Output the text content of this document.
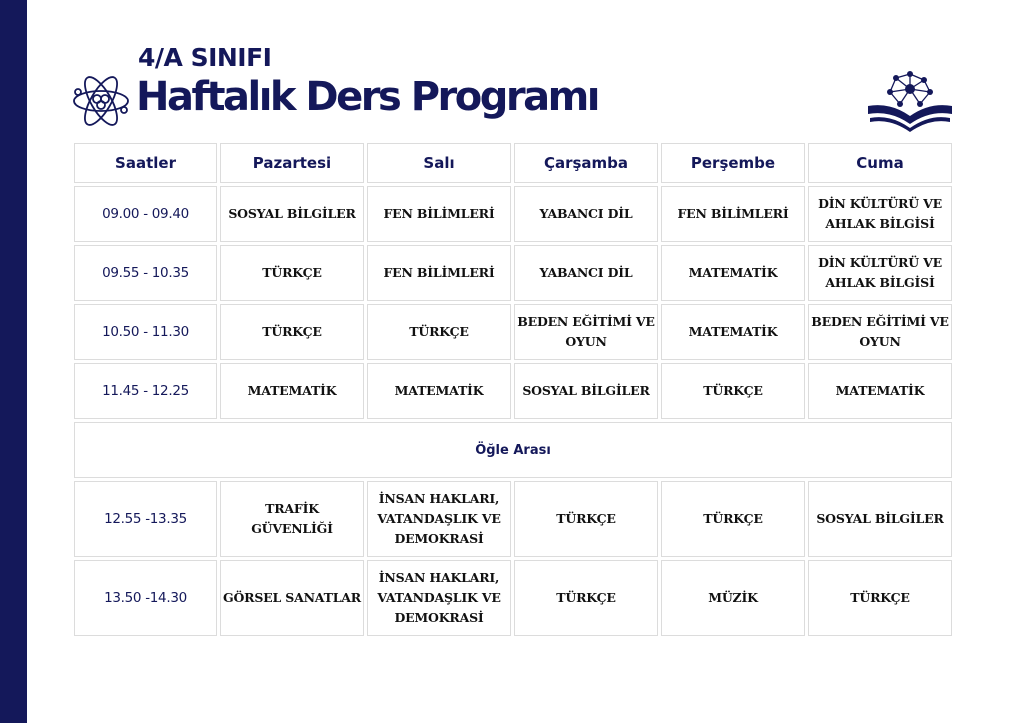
4/A SINIFI
Haftalık Ders Programı
Saatler	Pazartesi	Salı	Çarşamba	Perşembe	Cuma
09.00 - 09.40	SOSYAL BİLGİLER	FEN BİLİMLERİ	YABANCI DİL	FEN BİLİMLERİ	DİN KÜLTÜRÜ VE AHLAK BİLGİSİ
09.55 - 10.35	TÜRKÇE	FEN BİLİMLERİ	YABANCI DİL	MATEMATİK	DİN KÜLTÜRÜ VE AHLAK BİLGİSİ
10.50 - 11.30	TÜRKÇE	TÜRKÇE	BEDEN EĞİTİMİ VE OYUN	MATEMATİK	BEDEN EĞİTİMİ VE OYUN
11.45 - 12.25	MATEMATİK	MATEMATİK	SOSYAL BİLGİLER	TÜRKÇE	MATEMATİK
Öğle Arası					
12.55 -13.35	TRAFİK GÜVENLİĞİ	İNSAN HAKLARI, VATANDAŞLIK VE DEMOKRASİ	TÜRKÇE	TÜRKÇE	SOSYAL BİLGİLER
13.50 -14.30	GÖRSEL SANATLAR	İNSAN HAKLARI, VATANDAŞLIK VE DEMOKRASİ	TÜRKÇE	MÜZİK	TÜRKÇE
